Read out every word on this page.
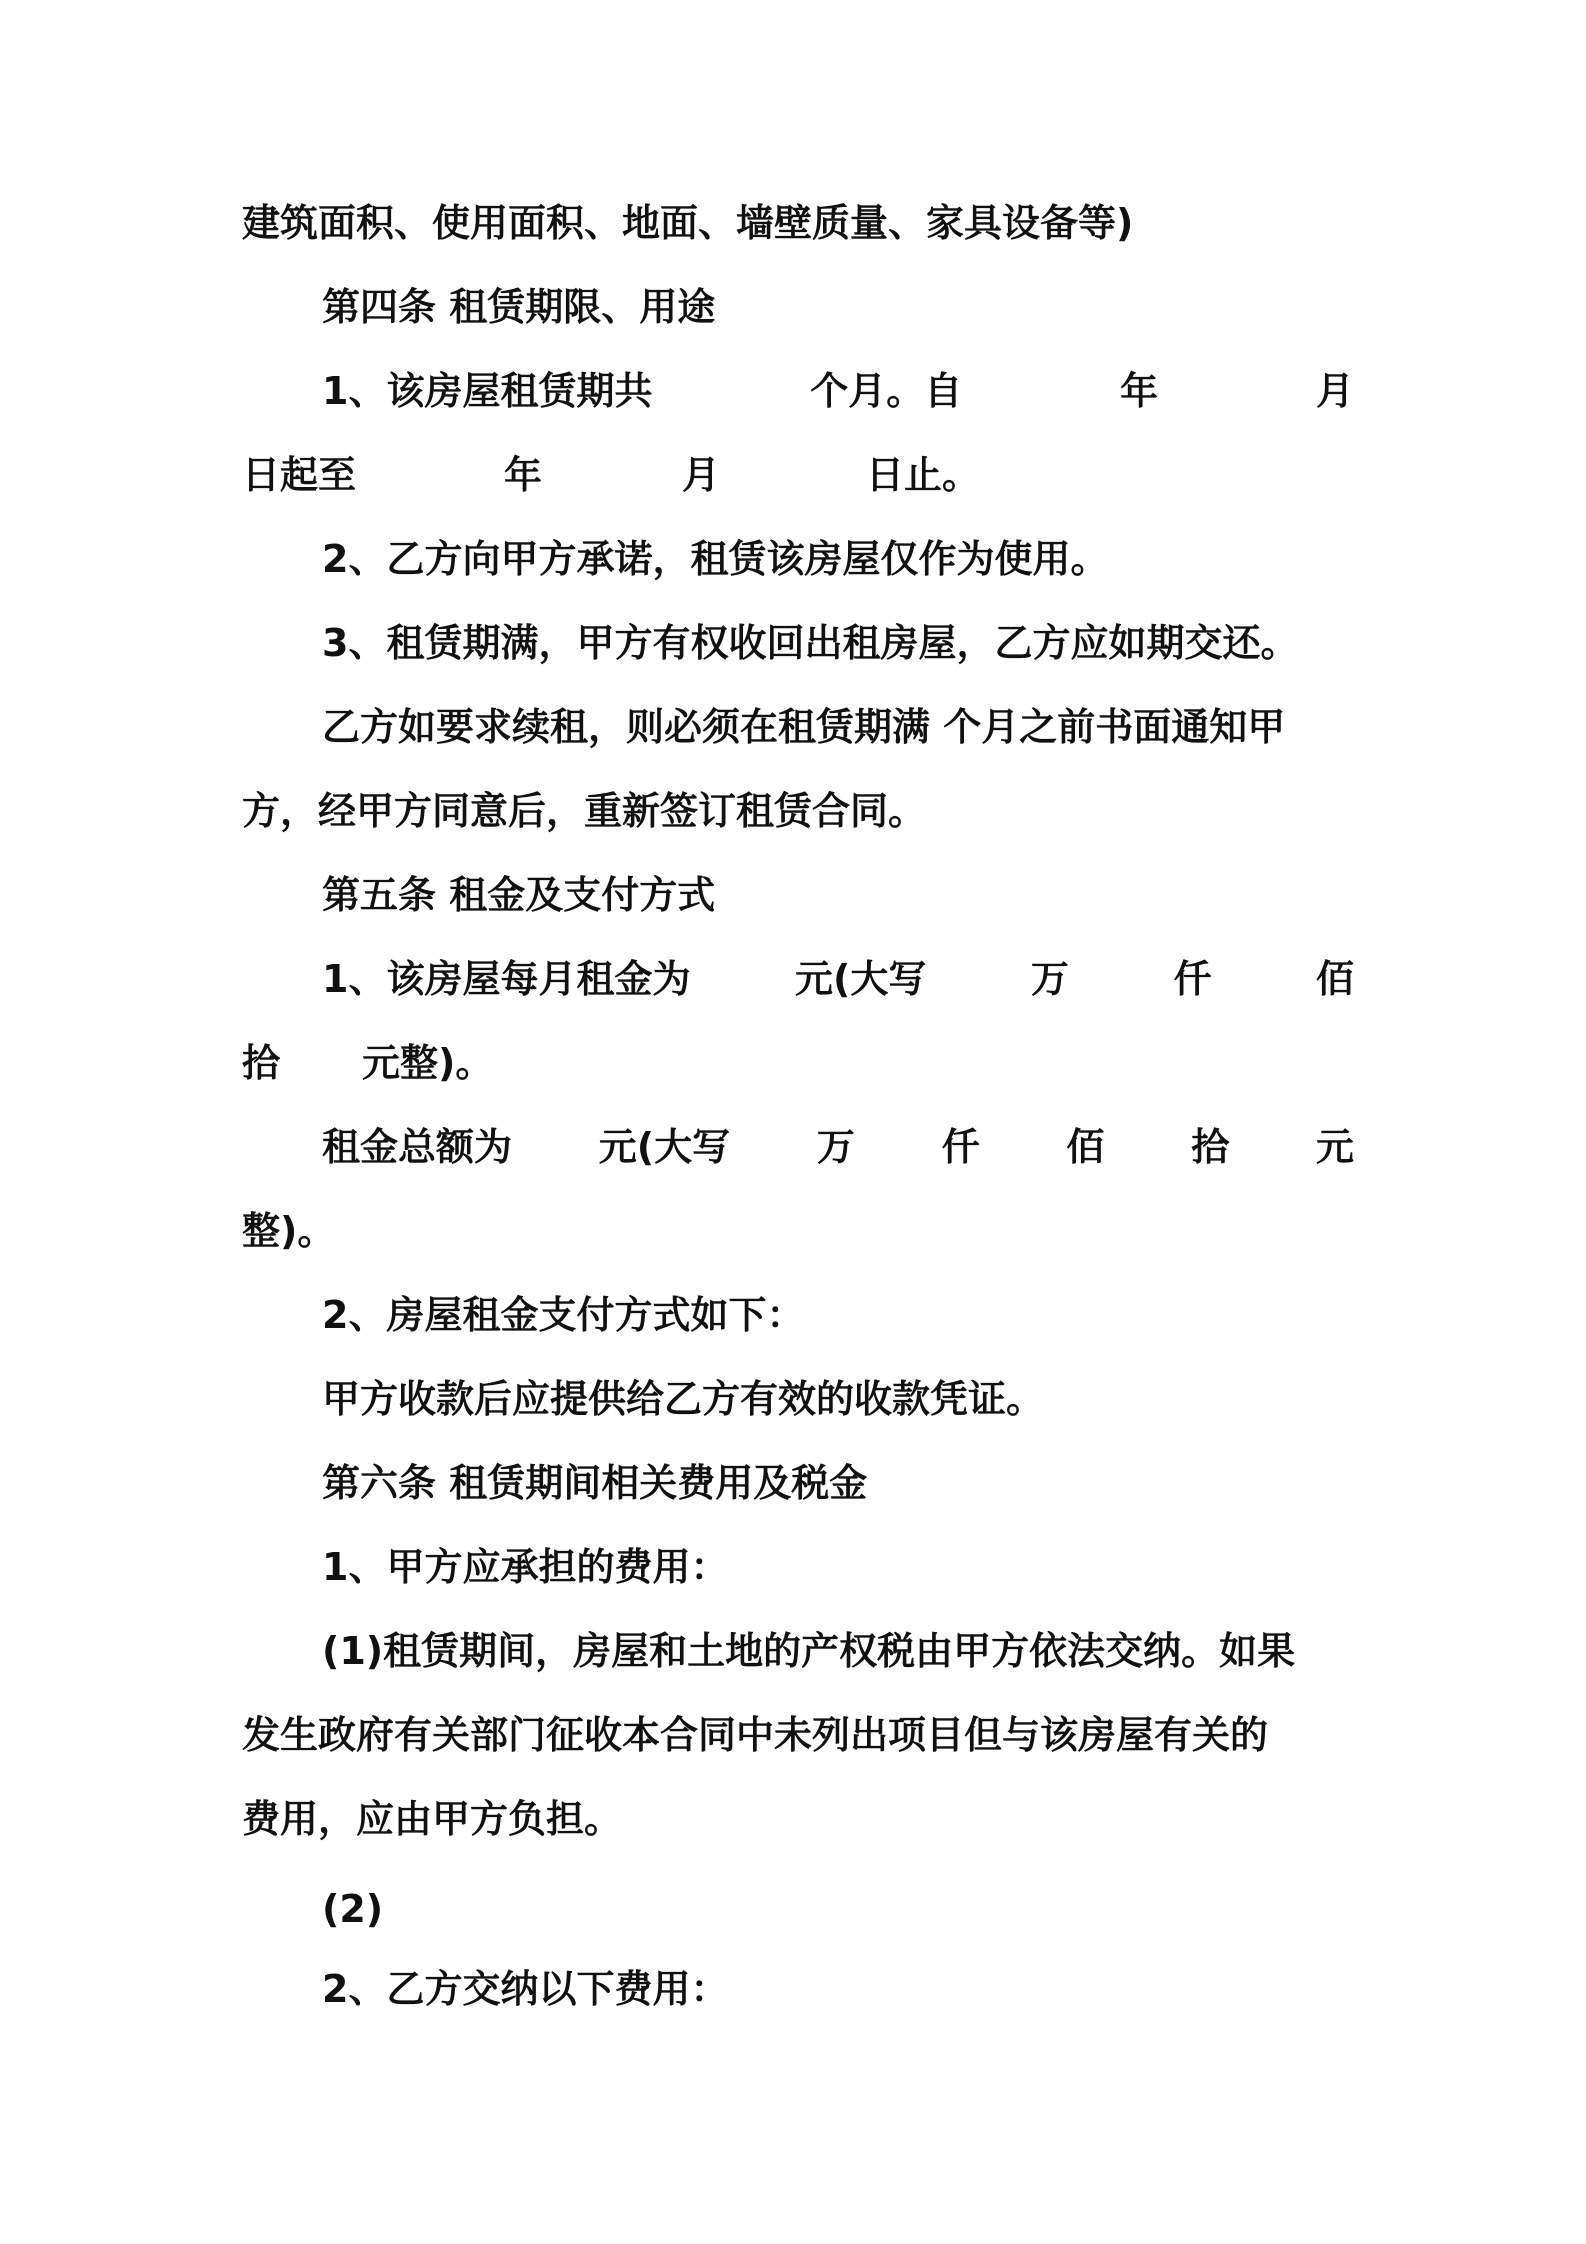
建筑面积、使用面积、地面、墙壁质量、家具设备等)
第四条 租赁期限、用途
1、该房屋租赁期共	个月。自	年	月
日起至	年	月	日止。
2、乙方向甲方承诺，租赁该房屋仅作为使用。
3、租赁期满，甲方有权收回出租房屋，乙方应如期交还。
乙方如要求续租，则必须在租赁期满 个月之前书面通知甲
方，经甲方同意后，重新签订租赁合同。
第五条 租金及支付方式
1、该房屋每月租金为	元(大写	万	仟	佰
拾 元整)。
租金总额为 元(大写 万 仟 佰 拾 元
整)。
2、房屋租金支付方式如下：
甲方收款后应提供给乙方有效的收款凭证。
第六条 租赁期间相关费用及税金
1、甲方应承担的费用：
(1)租赁期间，房屋和土地的产权税由甲方依法交纳。如果
发生政府有关部门征收本合同中未列出项目但与该房屋有关的
费用，应由甲方负担。
(2)
2、乙方交纳以下费用：
